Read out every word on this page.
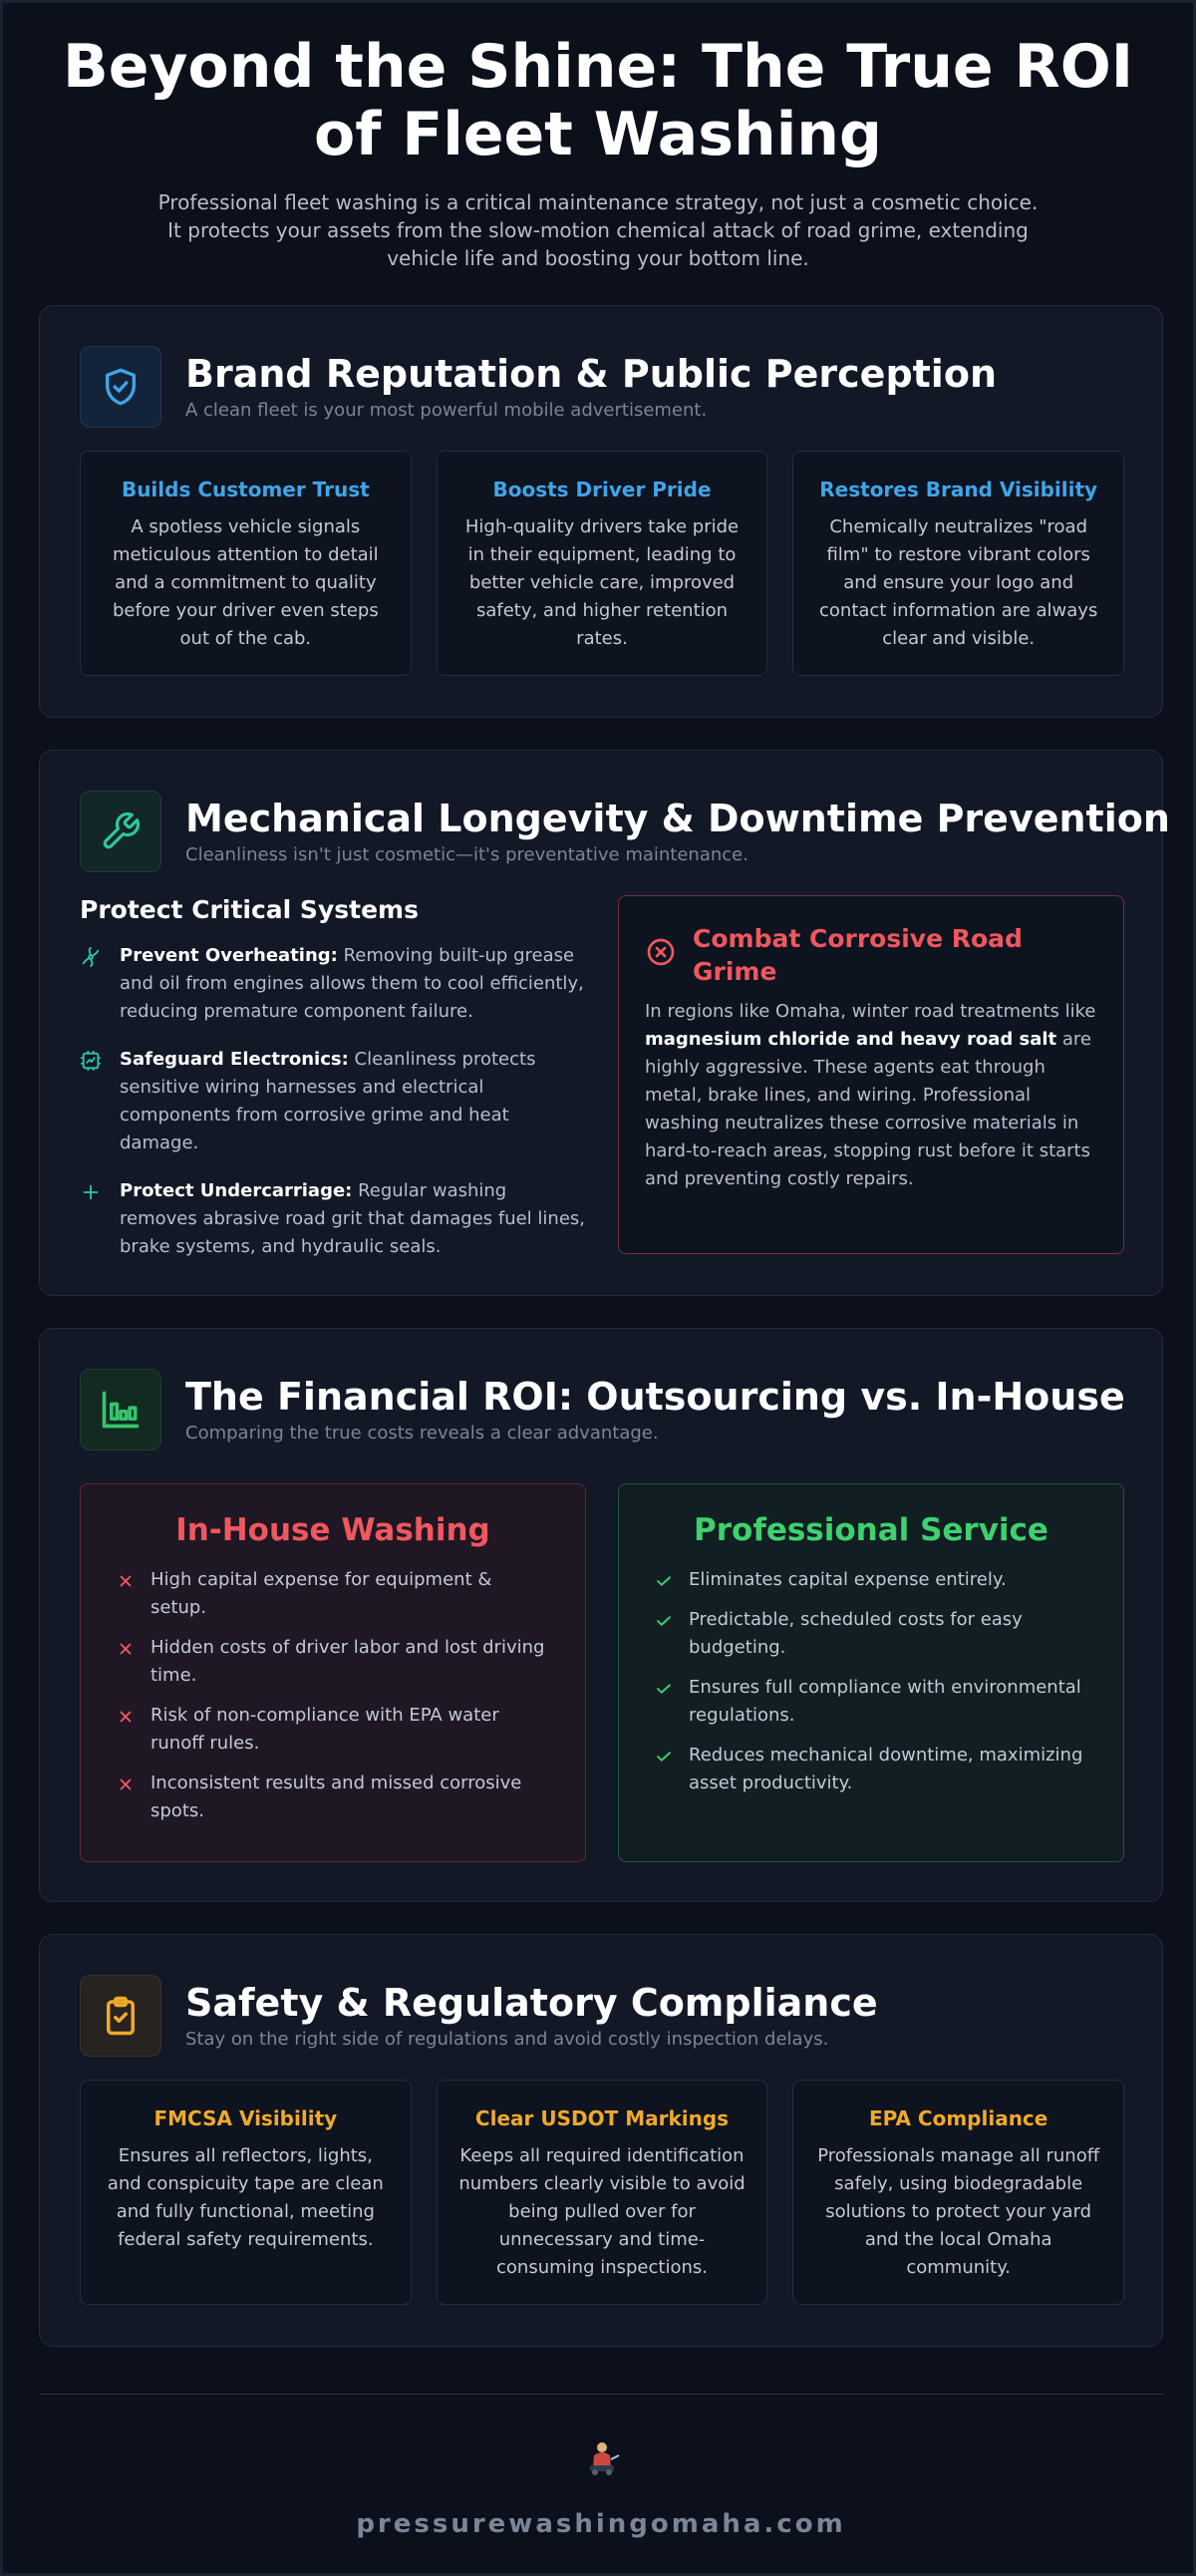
Beyond the Shine: The True ROI of Fleet Washing

Professional fleet washing is a critical maintenance strategy, not just a cosmetic choice. It protects your assets from the slow-motion chemical attack of road grime, extending vehicle life and boosting your bottom line.

Brand Reputation & Public Perception
A clean fleet is your most powerful mobile advertisement.
Builds Customer Trust

A spotless vehicle signals meticulous attention to detail and a commitment to quality before your driver even steps out of the cab.

Boosts Driver Pride

High-quality drivers take pride in their equipment, leading to better vehicle care, improved safety, and higher retention rates.

Restores Brand Visibility

Chemically neutralizes "road film" to restore vibrant colors and ensure your logo and contact information are always clear and visible.

Mechanical Longevity & Downtime Prevention
Cleanliness isn't just cosmetic—it's preventative maintenance.
Protect Critical Systems

Prevent Overheating: Removing built-up grease and oil from engines allows them to cool efficiently, reducing premature component failure.

Safeguard Electronics: Cleanliness protects sensitive wiring harnesses and electrical components from corrosive grime and heat damage.

Protect Undercarriage: Regular washing removes abrasive road grit that damages fuel lines, brake systems, and hydraulic seals.

Combat Corrosive Road Grime

In regions like Omaha, winter road treatments like magnesium chloride and heavy road salt are highly aggressive. These agents eat through metal, brake lines, and wiring. Professional washing neutralizes these corrosive materials in hard-to-reach areas, stopping rust before it starts and preventing costly repairs.

The Financial ROI: Outsourcing vs. In-House
Comparing the true costs reveals a clear advantage.
In-House Washing
High capital expense for equipment & setup.
Hidden costs of driver labor and lost driving time.
Risk of non-compliance with EPA water runoff rules.
Inconsistent results and missed corrosive spots.
Professional Service
Eliminates capital expense entirely.
Predictable, scheduled costs for easy budgeting.
Ensures full compliance with environmental regulations.
Reduces mechanical downtime, maximizing asset productivity.
Safety & Regulatory Compliance
Stay on the right side of regulations and avoid costly inspection delays.
FMCSA Visibility

Ensures all reflectors, lights, and conspicuity tape are clean and fully functional, meeting federal safety requirements.

Clear USDOT Markings

Keeps all required identification numbers clearly visible to avoid being pulled over for unnecessary and time-consuming inspections.

EPA Compliance

Professionals manage all runoff safely, using biodegradable solutions to protect your yard and the local Omaha community.

pressurewashingomaha.com
